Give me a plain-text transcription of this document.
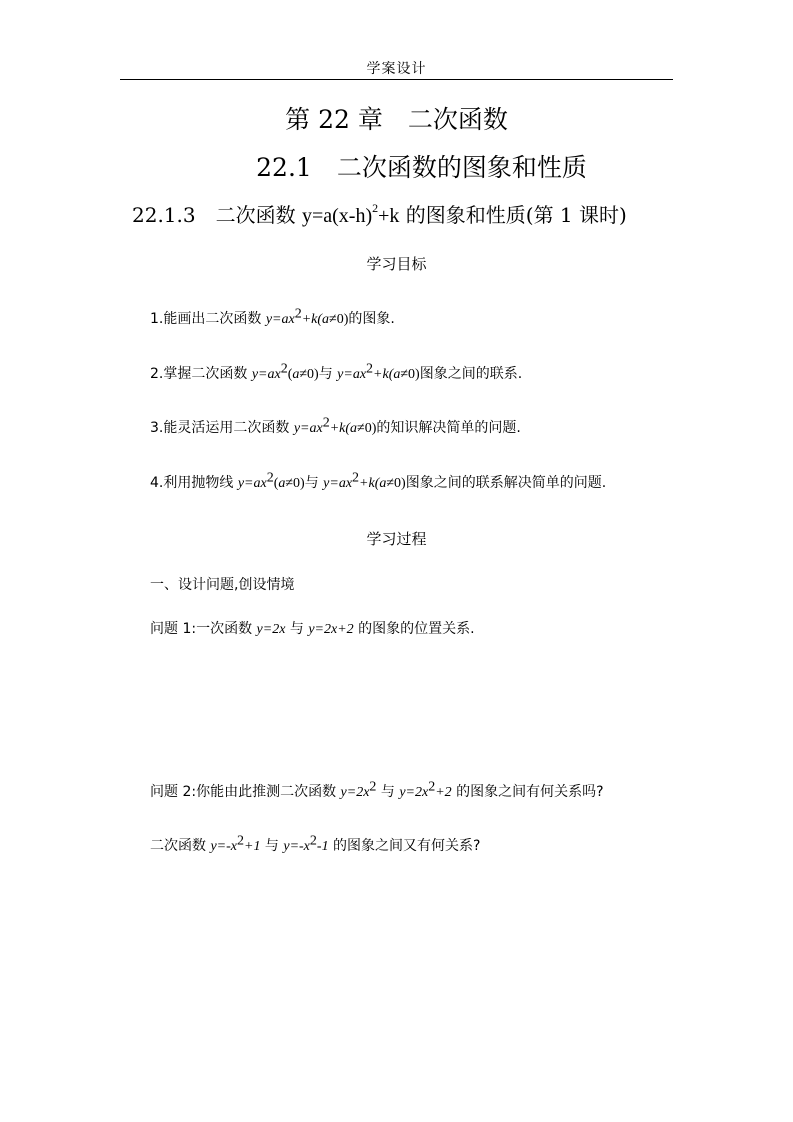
学案设计
第 22 章　二次函数
22.1　二次函数的图象和性质
22.1.3　二次函数 $y=a(x-h)^2+k$ 的图象和性质(第 1 课时)
学习目标
1.能画出二次函数 $y=ax^2+k(a\ne 0)$的图象.
2.掌握二次函数 $y=ax^2(a\ne 0)$与 $y=ax^2+k(a\ne 0)$图象之间的联系.
3.能灵活运用二次函数 $y=ax^2+k(a\ne 0)$的知识解决简单的问题.
4.利用抛物线 $y=ax^2(a\ne 0)$与 $y=ax^2+k(a\ne 0)$图象之间的联系解决简单的问题.
学习过程
一、设计问题,创设情境
问题 1:一次函数 y=2x 与 y=2x+2 的图象的位置关系.
问题 2:你能由此推测二次函数 $y=2x^2$ 与 $y=2x^2+2$ 的图象之间有何关系吗?
二次函数 $y=-x^2+1$ 与 $y=-x^2-1$ 的图象之间又有何关系?
